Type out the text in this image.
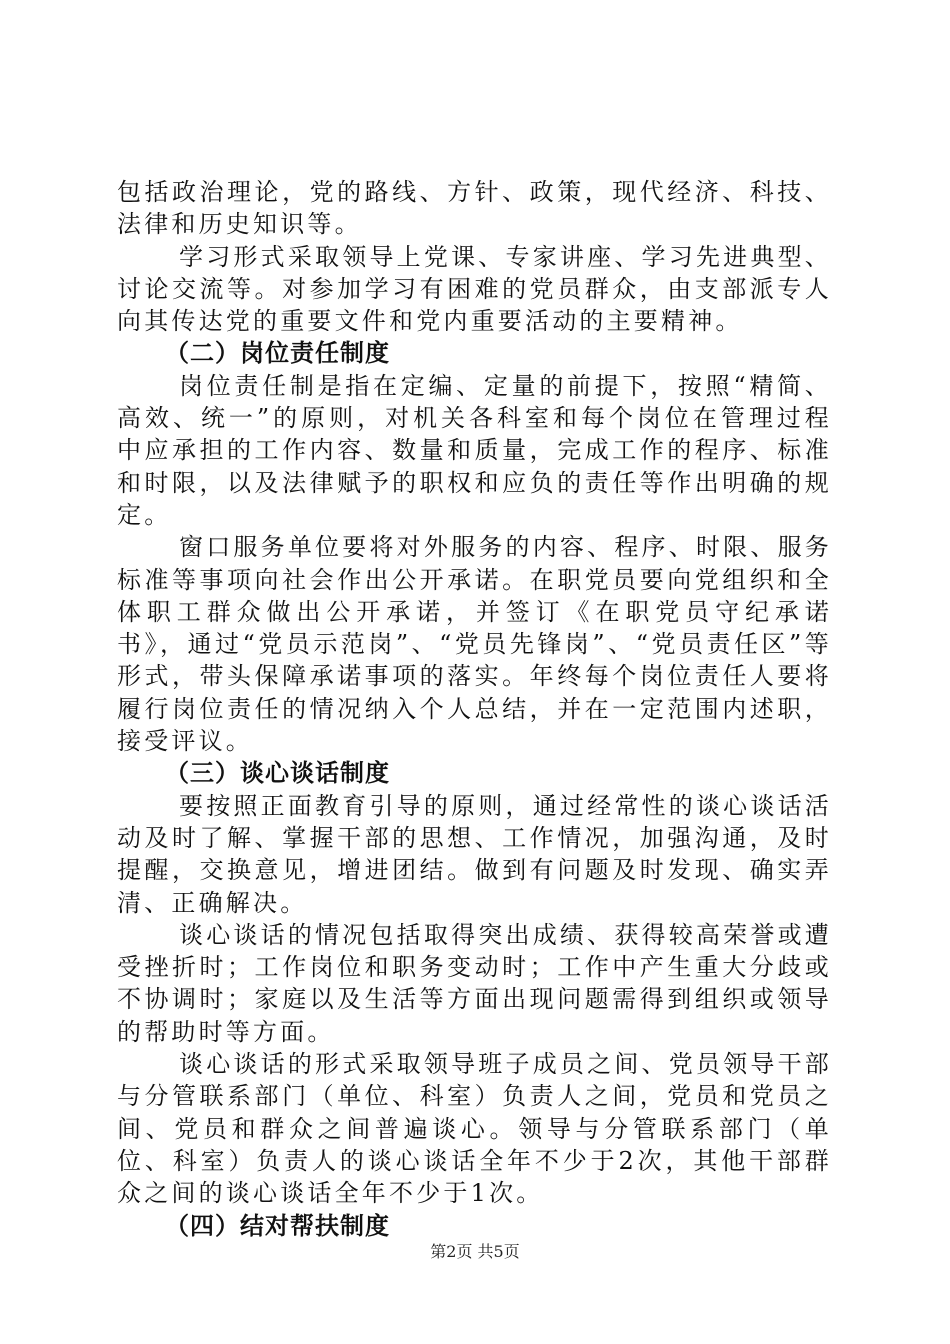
包括政治理论，党的路线、方针、政策，现代经济、科技、法律和历史知识等。

学习形式采取领导上党课、专家讲座、学习先进典型、讨论交流等。对参加学习有困难的党员群众，由支部派专人向其传达党的重要文件和党内重要活动的主要精神。

（二）岗位责任制度

岗位责任制是指在定编、定量的前提下，按照“精简、高效、统一”的原则，对机关各科室和每个岗位在管理过程中应承担的工作内容、数量和质量，完成工作的程序、标准和时限，以及法律赋予的职权和应负的责任等作出明确的规定。

窗口服务单位要将对外服务的内容、程序、时限、服务标准等事项向社会作出公开承诺。在职党员要向党组织和全体职工群众做出公开承诺，并签订《在职党员守纪承诺书》，通过“党员示范岗”、“党员先锋岗”、“党员责任区”等形式，带头保障承诺事项的落实。年终每个岗位责任人要将履行岗位责任的情况纳入个人总结，并在一定范围内述职，接受评议。

（三）谈心谈话制度

要按照正面教育引导的原则，通过经常性的谈心谈话活动及时了解、掌握干部的思想、工作情况，加强沟通，及时提醒，交换意见，增进团结。做到有问题及时发现、确实弄清、正确解决。

谈心谈话的情况包括取得突出成绩、获得较高荣誉或遭受挫折时；工作岗位和职务变动时；工作中产生重大分歧或不协调时；家庭以及生活等方面出现问题需得到组织或领导的帮助时等方面。

谈心谈话的形式采取领导班子成员之间、党员领导干部与分管联系部门（单位、科室）负责人之间，党员和党员之间、党员和群众之间普遍谈心。领导与分管联系部门（单位、科室）负责人的谈心谈话全年不少于2次，其他干部群众之间的谈心谈话全年不少于1次。

（四）结对帮扶制度

第2页 共5页
